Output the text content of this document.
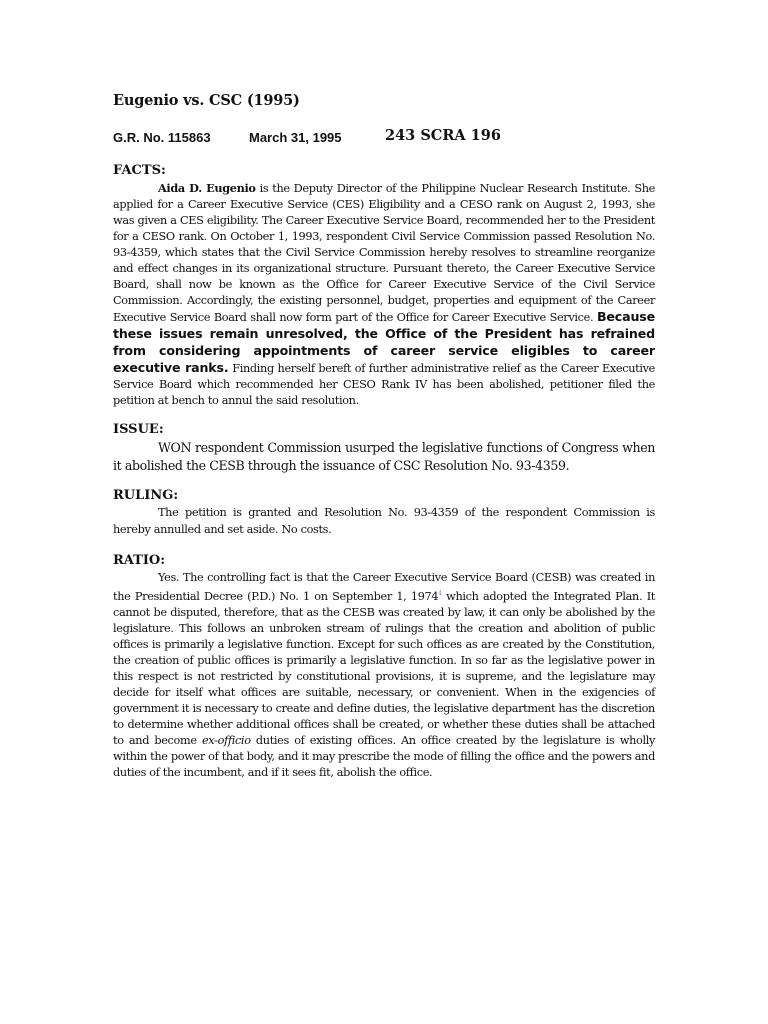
Eugenio vs. CSC (1995)
G.R. No. 115863	March 31, 1995	243 SCRA 196
FACTS:
Aida D. Eugenio is the Deputy Director of the Philippine Nuclear Research Institute. She applied for a Career Executive Service (CES) Eligibility and a CESO rank on August 2, 1993, she was given a CES eligibility. The Career Executive Service Board, recommended her to the President for a CESO rank. On October 1, 1993, respondent Civil Service Commission passed Resolution No. 93-4359, which states that the Civil Service Commission hereby resolves to streamline reorganize and effect changes in its organizational structure. Pursuant thereto, the Career Executive Service Board, shall now be known as the Office for Career Executive Service of the Civil Service Commission. Accordingly, the existing personnel, budget, properties and equipment of the Career Executive Service Board shall now form part of the Office for Career Executive Service. Because these issues remain unresolved, the Office of the President has refrained from considering appointments of career service eligibles to career executive ranks. Finding herself bereft of further administrative relief as the Career Executive Service Board which recommended her CESO Rank IV has been abolished, petitioner filed the petition at bench to annul the said resolution.
ISSUE:
WON respondent Commission usurped the legislative functions of Congress when it abolished the CESB through the issuance of CSC Resolution No. 93-4359.
RULING:
The petition is granted and Resolution No. 93-4359 of the respondent Commission is hereby annulled and set aside. No costs.
RATIO:
Yes. The controlling fact is that the Career Executive Service Board (CESB) was created in the Presidential Decree (P.D.) No. 1 on September 1, 1974$^4$ which adopted the Integrated Plan. It cannot be disputed, therefore, that as the CESB was created by law, it can only be abolished by the legislature. This follows an unbroken stream of rulings that the creation and abolition of public offices is primarily a legislative function. Except for such offices as are created by the Constitution, the creation of public offices is primarily a legislative function. In so far as the legislative power in this respect is not restricted by constitutional provisions, it is supreme, and the legislature may decide for itself what offices are suitable, necessary, or convenient. When in the exigencies of government it is necessary to create and define duties, the legislative department has the discretion to determine whether additional offices shall be created, or whether these duties shall be attached to and become ex-officio duties of existing offices. An office created by the legislature is wholly within the power of that body, and it may prescribe the mode of filling the office and the powers and duties of the incumbent, and if it sees fit, abolish the office.
